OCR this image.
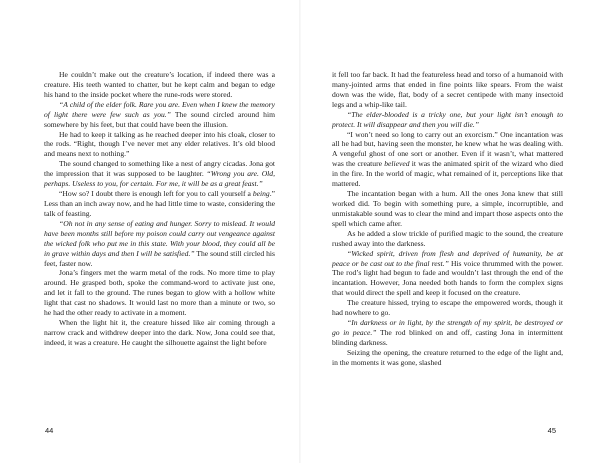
He couldn’t make out the creature’s location, if indeed there was a creature. His teeth wanted to chatter, but he kept calm and began to edge his hand to the inside pocket where the rune-rods were stored.

“A child of the elder folk. Rare you are. Even when I knew the memory of light there were few such as you.” The sound circled around him somewhere by his feet, but that could have been the illusion.

He had to keep it talking as he reached deeper into his cloak, closer to the rods. “Right, though I’ve never met any elder relatives. It’s old blood and means next to nothing.”

The sound changed to something like a nest of angry cicadas. Jona got the impression that it was supposed to be laughter. “Wrong you are. Old, perhaps. Useless to you, for certain. For me, it will be as a great feast.”

“How so? I doubt there is enough left for you to call yourself a being.” Less than an inch away now, and he had little time to waste, considering the talk of feasting.

“Oh not in any sense of eating and hunger. Sorry to mislead. It would have been months still before my poison could carry out vengeance against the wicked folk who put me in this state. With your blood, they could all be in grave within days and then I will be satisfied.” The sound still circled his feet, faster now.

Jona’s fingers met the warm metal of the rods. No more time to play around. He grasped both, spoke the command-word to activate just one, and let it fall to the ground. The runes began to glow with a hollow white light that cast no shadows. It would last no more than a minute or two, so he had the other ready to activate in a moment.

When the light hit it, the creature hissed like air coming through a narrow crack and withdrew deeper into the dark. Now, Jona could see that, indeed, it was a creature. He caught the silhouette against the light before

44

it fell too far back. It had the featureless head and torso of a humanoid with many-jointed arms that ended in fine points like spears. From the waist down was the wide, flat, body of a secret centipede with many insectoid legs and a whip-like tail.

“The elder-blooded is a tricky one, but your light isn’t enough to protect. It will disappear and then you will die.”

“I won’t need so long to carry out an exorcism.” One incantation was all he had but, having seen the monster, he knew what he was dealing with. A vengeful ghost of one sort or another. Even if it wasn’t, what mattered was the creature believed it was the animated spirit of the wizard who died in the fire. In the world of magic, what remained of it, perceptions like that mattered.

The incantation began with a hum. All the ones Jona knew that still worked did. To begin with something pure, a simple, incorruptible, and unmistakable sound was to clear the mind and impart those aspects onto the spell which came after.

As he added a slow trickle of purified magic to the sound, the creature rushed away into the darkness.

“Wicked spirit, driven from flesh and deprived of humanity, be at peace or be cast out to the final rest.” His voice thrummed with the power. The rod’s light had begun to fade and wouldn’t last through the end of the incantation. However, Jona needed both hands to form the complex signs that would direct the spell and keep it focused on the creature.

The creature hissed, trying to escape the empowered words, though it had nowhere to go.

“In darkness or in light, by the strength of my spirit, be destroyed or go in peace.” The rod blinked on and off, casting Jona in intermittent blinding darkness.

Seizing the opening, the creature returned to the edge of the light and, in the moments it was gone, slashed

45
